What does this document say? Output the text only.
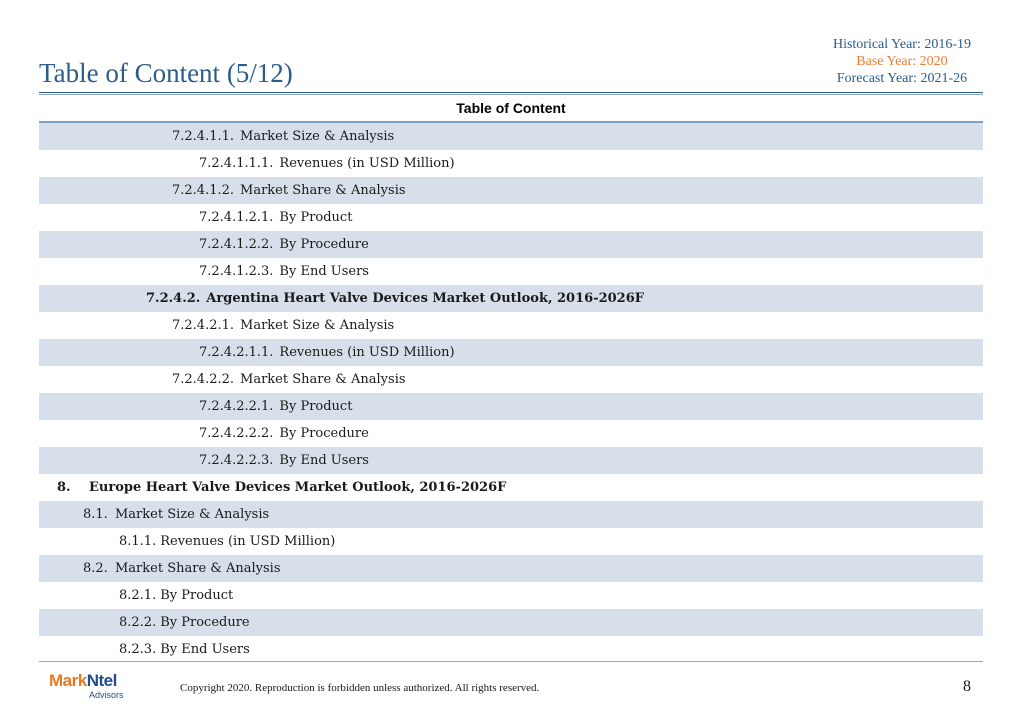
Table of Content (5/12)
Historical Year: 2016-19
Base Year: 2020
Forecast Year: 2021-26
Table of Content
7.2.4.1.1. Market Size & Analysis
7.2.4.1.1.1. Revenues (in USD Million)
7.2.4.1.2. Market Share & Analysis
7.2.4.1.2.1. By Product
7.2.4.1.2.2. By Procedure
7.2.4.1.2.3. By End Users
7.2.4.2. Argentina Heart Valve Devices Market Outlook, 2016-2026F
7.2.4.2.1. Market Size & Analysis
7.2.4.2.1.1. Revenues (in USD Million)
7.2.4.2.2. Market Share & Analysis
7.2.4.2.2.1. By Product
7.2.4.2.2.2. By Procedure
7.2.4.2.2.3. By End Users
8. Europe Heart Valve Devices Market Outlook, 2016-2026F
8.1. Market Size & Analysis
8.1.1. Revenues (in USD Million)
8.2. Market Share & Analysis
8.2.1. By Product
8.2.2. By Procedure
8.2.3. By End Users
MarkNtel
Advisors
Copyright 2020. Reproduction is forbidden unless authorized. All rights reserved.	8
